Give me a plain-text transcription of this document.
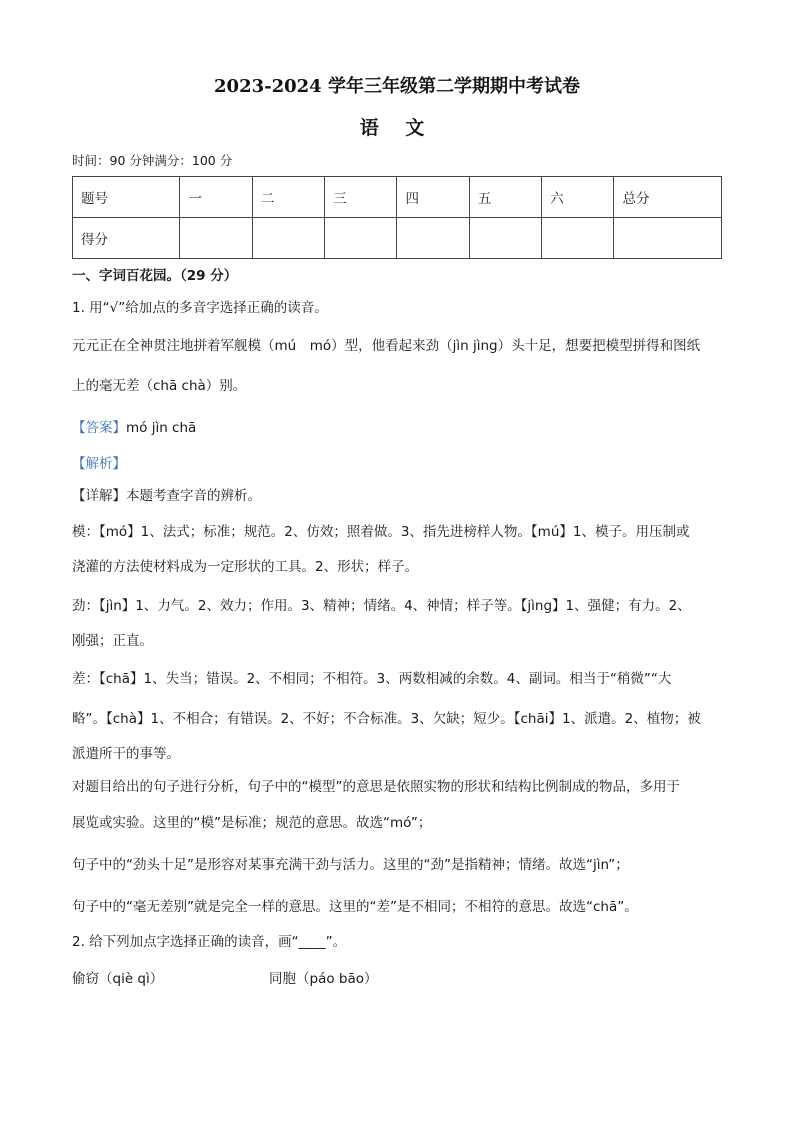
2023-2024 学年三年级第二学期期中考试卷
语 文
时间：90 分钟满分：100 分
题号	一	二	三	四	五	六	总分
得分							
一、字词百花园。（29 分）
1. 用“√”给加点的多音字选择正确的读音。
元元正在全神贯注地拼着军舰模（mú　mó）型，他看起来劲（jìn jìng）头十足，想要把模型拼得和图纸
上的毫无差（chā chà）别。
【答案】mó jìn chā
【解析】
【详解】本题考查字音的辨析。
模：【mó】1、法式；标准；规范。2、仿效；照着做。3、指先进榜样人物。【mú】1、模子。用压制或
浇灌的方法使材料成为一定形状的工具。2、形状；样子。
劲：【jìn】1、力气。2、效力；作用。3、精神；情绪。4、神情；样子等。【jìng】1、强健；有力。2、
刚强；正直。
差：【chā】1、失当；错误。2、不相同；不相符。3、两数相减的余数。4、副词。相当于“稍微”“大
略”。【chà】1、不相合；有错误。2、不好；不合标准。3、欠缺；短少。【chāi】1、派遣。2、植物；被
派遣所干的事等。
对题目给出的句子进行分析，句子中的“模型”的意思是依照实物的形状和结构比例制成的物品，多用于
展览或实验。这里的“模”是标准；规范的意思。故选“mó”；
句子中的“劲头十足”是形容对某事充满干劲与活力。这里的“劲”是指精神；情绪。故选“jìn”；
句子中的“毫无差别”就是完全一样的意思。这里的“差”是不相同；不相符的意思。故选“chā”。
2. 给下列加点字选择正确的读音，画“____”。
偷窃（qiè qì）	同胞（páo bāo）
